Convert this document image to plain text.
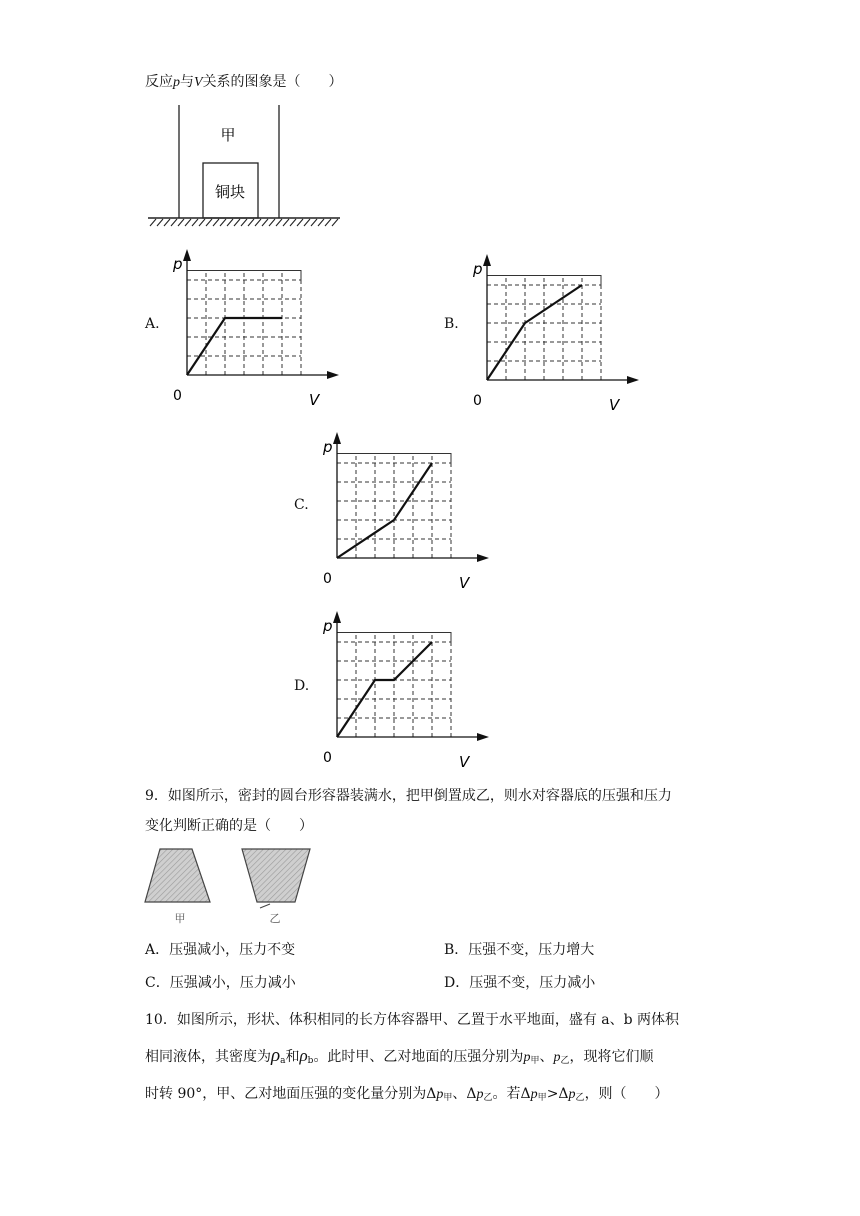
反应p与V关系的图象是（　　）
甲
铜块
A.	B.
C.
D.
p
V
0
p
V
0
p
V
0
p
V
0
9．如图所示，密封的圆台形容器装满水，把甲倒置成乙，则水对容器底的压强和压力
变化判断正确的是（　　）
甲	乙
A．压强减小，压力不变	B．压强不变，压力增大
C．压强减小，压力减小	D．压强不变，压力减小
10．如图所示，形状、体积相同的长方体容器甲、乙置于水平地面，盛有 a、b 两体积
相同液体，其密度为$\rho_a$和$\rho_b$。此时甲、乙对地面的压强分别为$p_甲$、$p_乙$，现将它们顺
时转 90°，甲、乙对地面压强的变化量分别为$\Delta p_甲$、$\Delta p_乙$。若$\Delta p_甲>\Delta p_乙$，则（　　）
